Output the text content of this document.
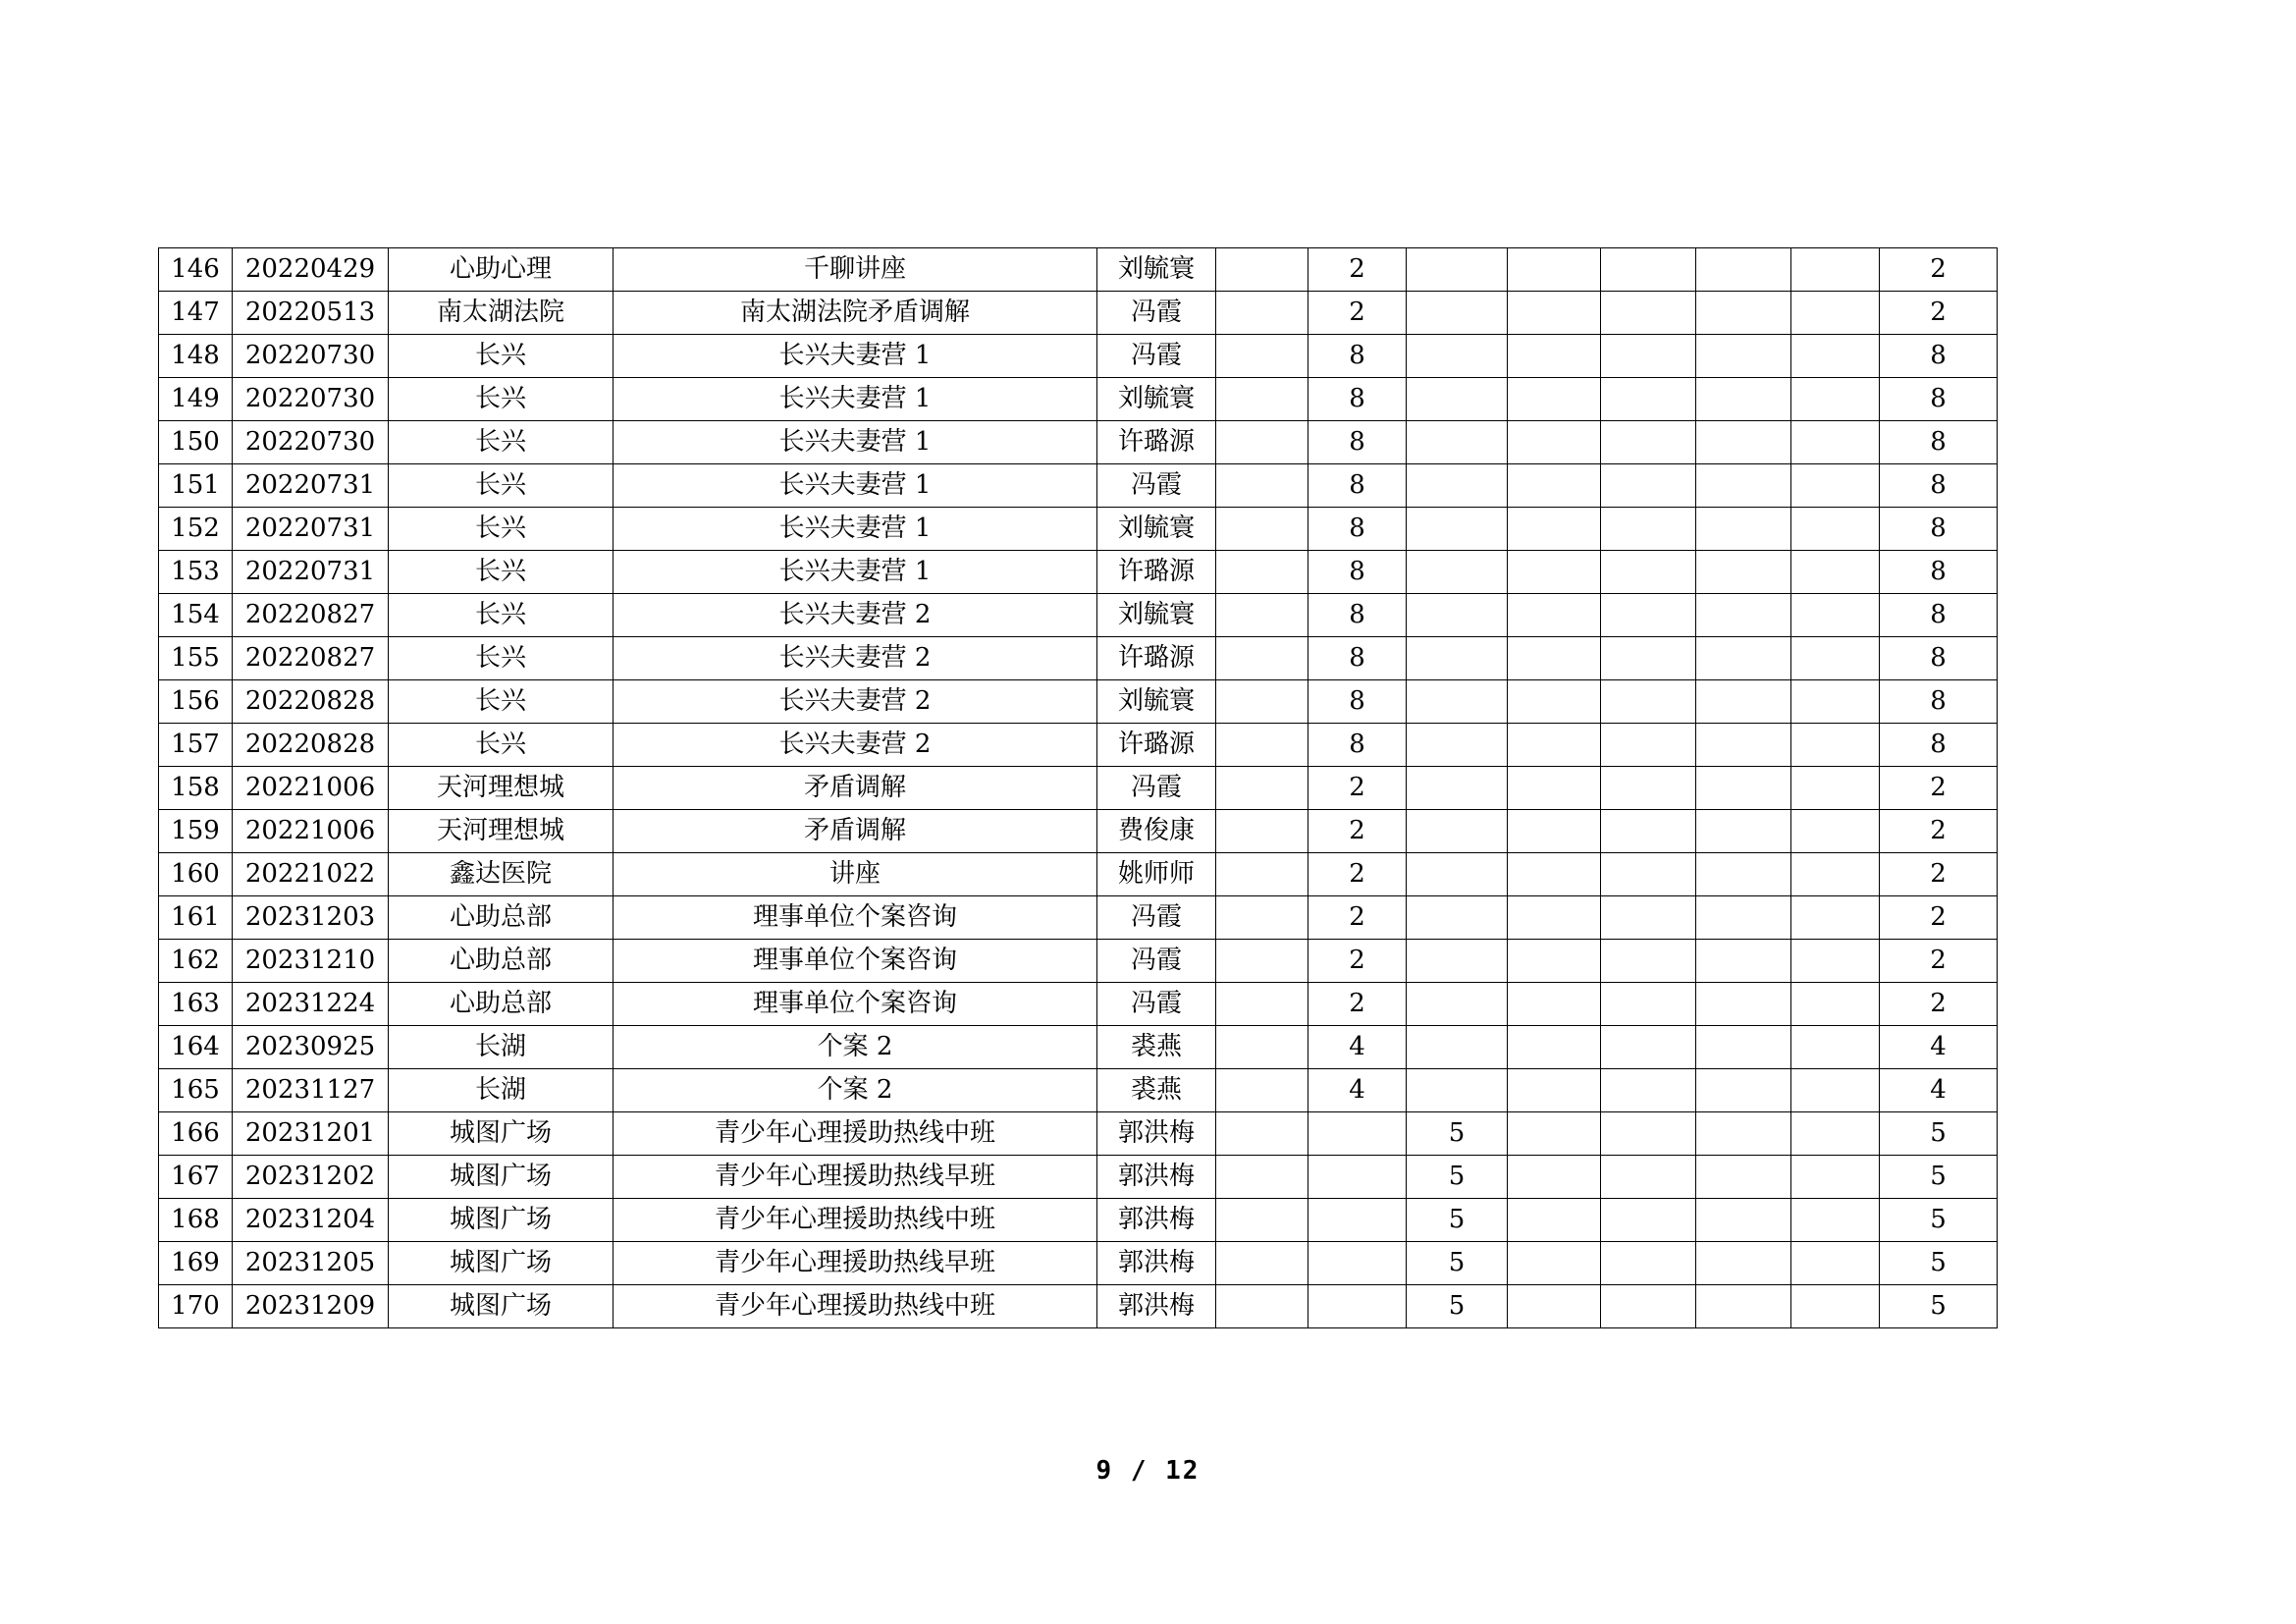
146	20220429	心助心理	千聊讲座	刘毓寰		2						2	
147	20220513	南太湖法院	南太湖法院矛盾调解	冯霞		2						2	
148	20220730	长兴	长兴夫妻营 1	冯霞		8						8	
149	20220730	长兴	长兴夫妻营 1	刘毓寰		8						8	
150	20220730	长兴	长兴夫妻营 1	许璐源		8						8	
151	20220731	长兴	长兴夫妻营 1	冯霞		8						8	
152	20220731	长兴	长兴夫妻营 1	刘毓寰		8						8	
153	20220731	长兴	长兴夫妻营 1	许璐源		8						8	
154	20220827	长兴	长兴夫妻营 2	刘毓寰		8						8	
155	20220827	长兴	长兴夫妻营 2	许璐源		8						8	
156	20220828	长兴	长兴夫妻营 2	刘毓寰		8						8	
157	20220828	长兴	长兴夫妻营 2	许璐源		8						8	
158	20221006	天河理想城	矛盾调解	冯霞		2						2	
159	20221006	天河理想城	矛盾调解	费俊康		2						2	
160	20221022	鑫达医院	讲座	姚师师		2						2	
161	20231203	心助总部	理事单位个案咨询	冯霞		2						2	
162	20231210	心助总部	理事单位个案咨询	冯霞		2						2	
163	20231224	心助总部	理事单位个案咨询	冯霞		2						2	
164	20230925	长湖	个案 2	裘燕		4						4	
165	20231127	长湖	个案 2	裘燕		4						4	
166	20231201	城图广场	青少年心理援助热线中班	郭洪梅			5					5	
167	20231202	城图广场	青少年心理援助热线早班	郭洪梅			5					5	
168	20231204	城图广场	青少年心理援助热线中班	郭洪梅			5					5	
169	20231205	城图广场	青少年心理援助热线早班	郭洪梅			5					5	
170	20231209	城图广场	青少年心理援助热线中班	郭洪梅			5					5	
9 / 12
